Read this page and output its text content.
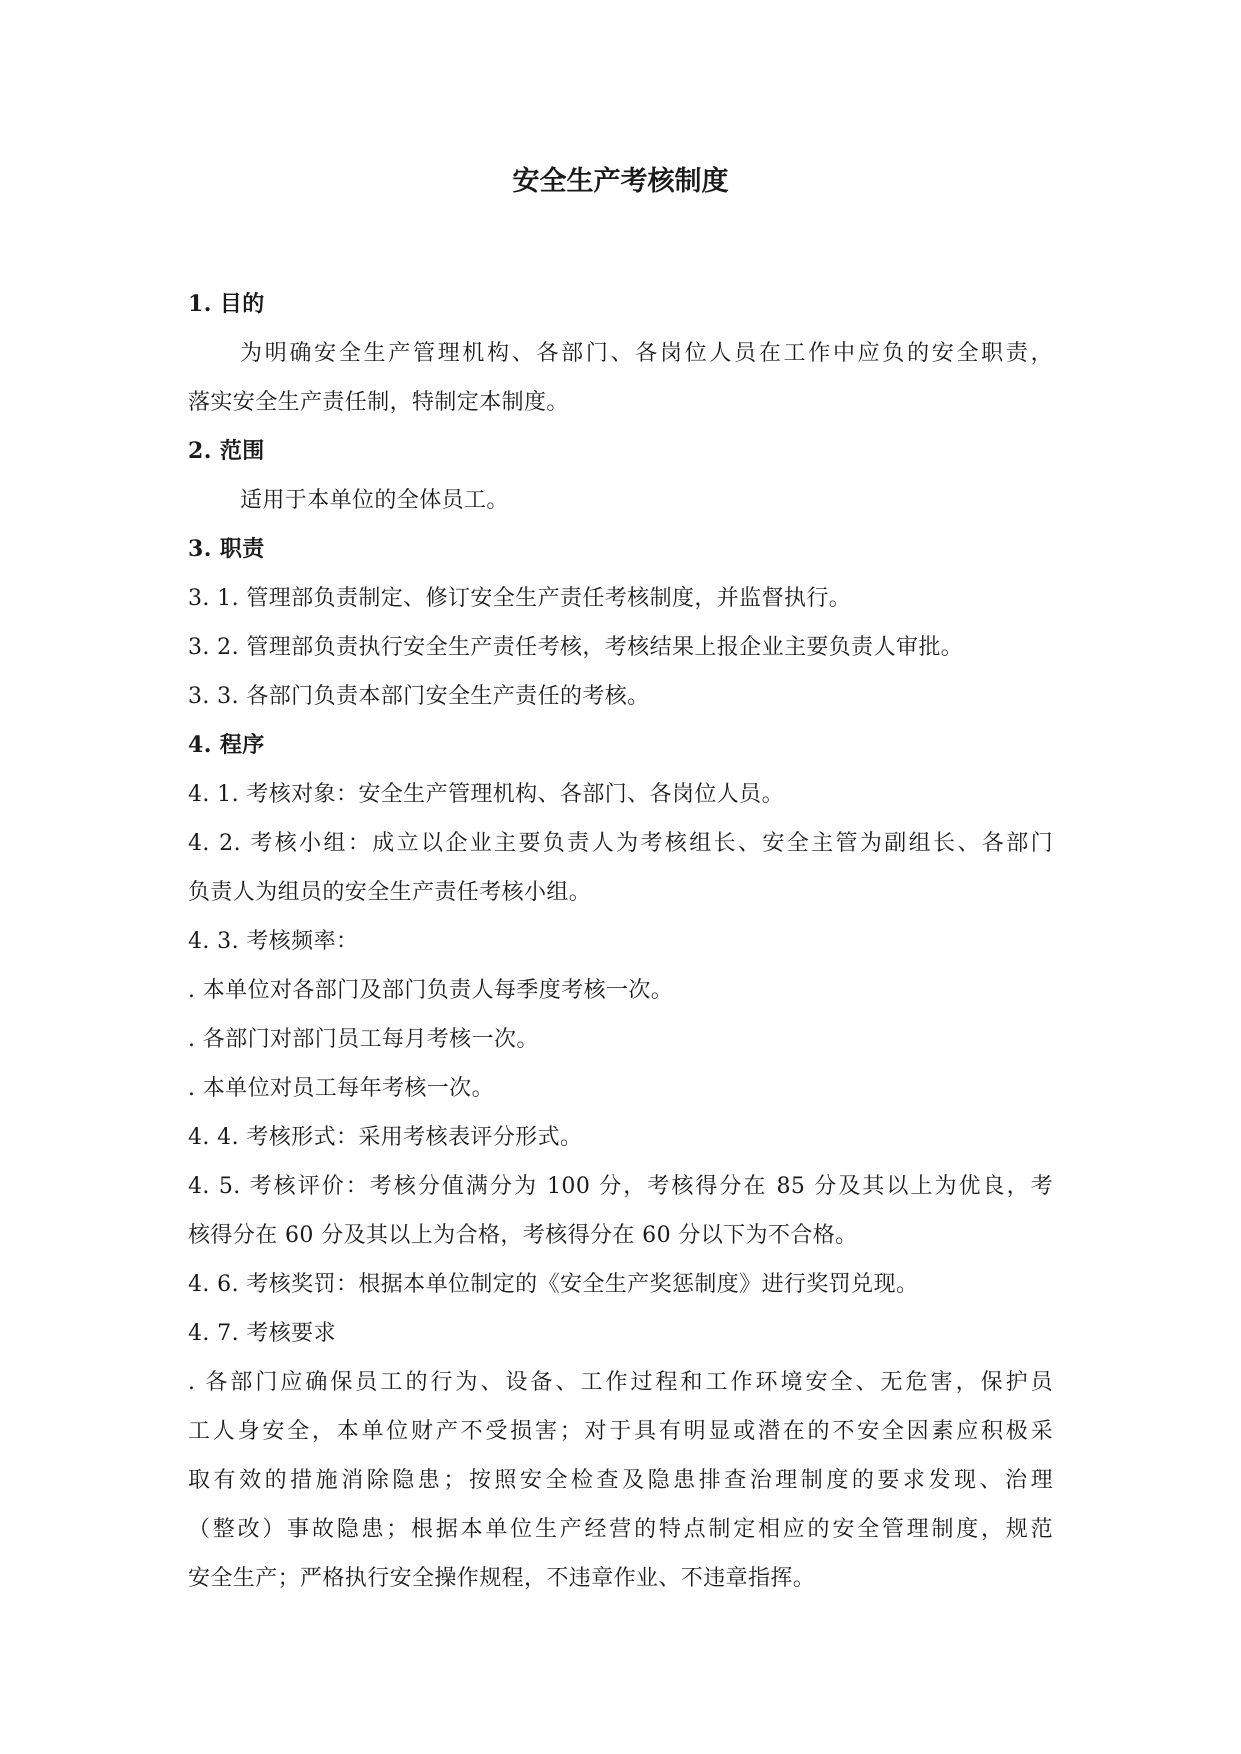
安全生产考核制度

1. 目的

为明确安全生产管理机构、各部门、各岗位人员在工作中应负的安全职责，

落实安全生产责任制，特制定本制度。

2. 范围

适用于本单位的全体员工。

3. 职责

3. 1. 管理部负责制定、修订安全生产责任考核制度，并监督执行。

3. 2. 管理部负责执行安全生产责任考核，考核结果上报企业主要负责人审批。

3. 3. 各部门负责本部门安全生产责任的考核。

4. 程序

4. 1. 考核对象：安全生产管理机构、各部门、各岗位人员。

4. 2. 考核小组：成立以企业主要负责人为考核组长、安全主管为副组长、各部门

负责人为组员的安全生产责任考核小组。

4. 3. 考核频率：

. 本单位对各部门及部门负责人每季度考核一次。

. 各部门对部门员工每月考核一次。

. 本单位对员工每年考核一次。

4. 4. 考核形式：采用考核表评分形式。

4. 5. 考核评价：考核分值满分为 100 分，考核得分在 85 分及其以上为优良，考

核得分在 60 分及其以上为合格，考核得分在 60 分以下为不合格。

4. 6. 考核奖罚：根据本单位制定的《安全生产奖惩制度》进行奖罚兑现。

4. 7. 考核要求

. 各部门应确保员工的行为、设备、工作过程和工作环境安全、无危害，保护员

工人身安全，本单位财产不受损害；对于具有明显或潜在的不安全因素应积极采

取有效的措施消除隐患；按照安全检查及隐患排查治理制度的要求发现、治理

（整改）事故隐患；根据本单位生产经营的特点制定相应的安全管理制度，规范

安全生产；严格执行安全操作规程，不违章作业、不违章指挥。
